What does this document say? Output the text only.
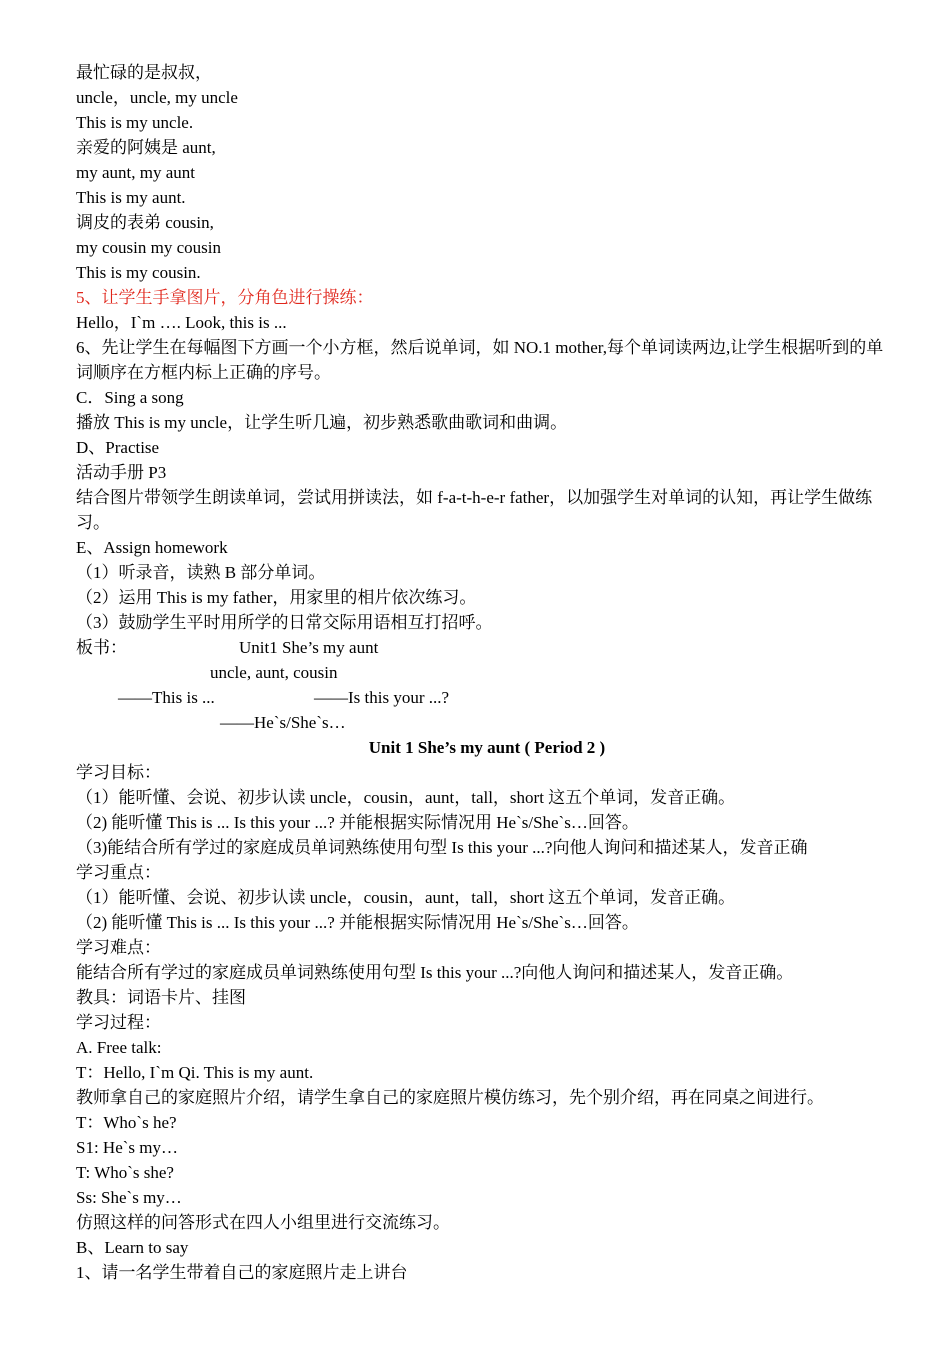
最忙碌的是叔叔，
uncle，uncle, my uncle
This is my uncle.
亲爱的阿姨是 aunt,
my aunt, my aunt
This is my aunt.
调皮的表弟 cousin,
my cousin my cousin
This is my cousin.
5、让学生手拿图片，分角色进行操练：
Hello，I`m …. Look, this is ...
6、先让学生在每幅图下方画一个小方框，然后说单词，如 NO.1 mother,每个单词读两边,让学生根据听到的单词顺序在方框内标上正确的序号。
C．Sing a song
播放 This is my uncle，让学生听几遍，初步熟悉歌曲歌词和曲调。
D、Practise
活动手册 P3
结合图片带领学生朗读单词，尝试用拼读法，如 f-a-t-h-e-r father，以加强学生对单词的认知，再让学生做练习。
E、Assign homework
（1）听录音，读熟 B 部分单词。
（2）运用 This is my father，用家里的相片依次练习。
（3）鼓励学生平时用所学的日常交际用语相互打招呼。
板书：	Unit1 She’s my aunt
uncle, aunt, cousin
——This is ...	——Is this your ...?
——He`s/She`s…
Unit 1 She’s my aunt ( Period 2 )
学习目标：
（1）能听懂、会说、初步认读 uncle，cousin，aunt，tall，short 这五个单词，发音正确。
（2) 能听懂 This is ... Is this your ...? 并能根据实际情况用 He`s/She`s…回答。
（3)能结合所有学过的家庭成员单词熟练使用句型 Is this your ...?向他人询问和描述某人，发音正确
学习重点：
（1）能听懂、会说、初步认读 uncle，cousin，aunt，tall，short 这五个单词，发音正确。
（2) 能听懂 This is ... Is this your ...? 并能根据实际情况用 He`s/She`s…回答。
学习难点：
能结合所有学过的家庭成员单词熟练使用句型 Is this your ...?向他人询问和描述某人，发音正确。
教具：词语卡片、挂图
学习过程：
A. Free talk:
T：Hello, I`m Qi. This is my aunt.
教师拿自己的家庭照片介绍，请学生拿自己的家庭照片模仿练习，先个别介绍，再在同桌之间进行。
T：Who`s he?
S1: He`s my…
T: Who`s she?
Ss: She`s my…
仿照这样的问答形式在四人小组里进行交流练习。
B、Learn to say
1、请一名学生带着自己的家庭照片走上讲台
